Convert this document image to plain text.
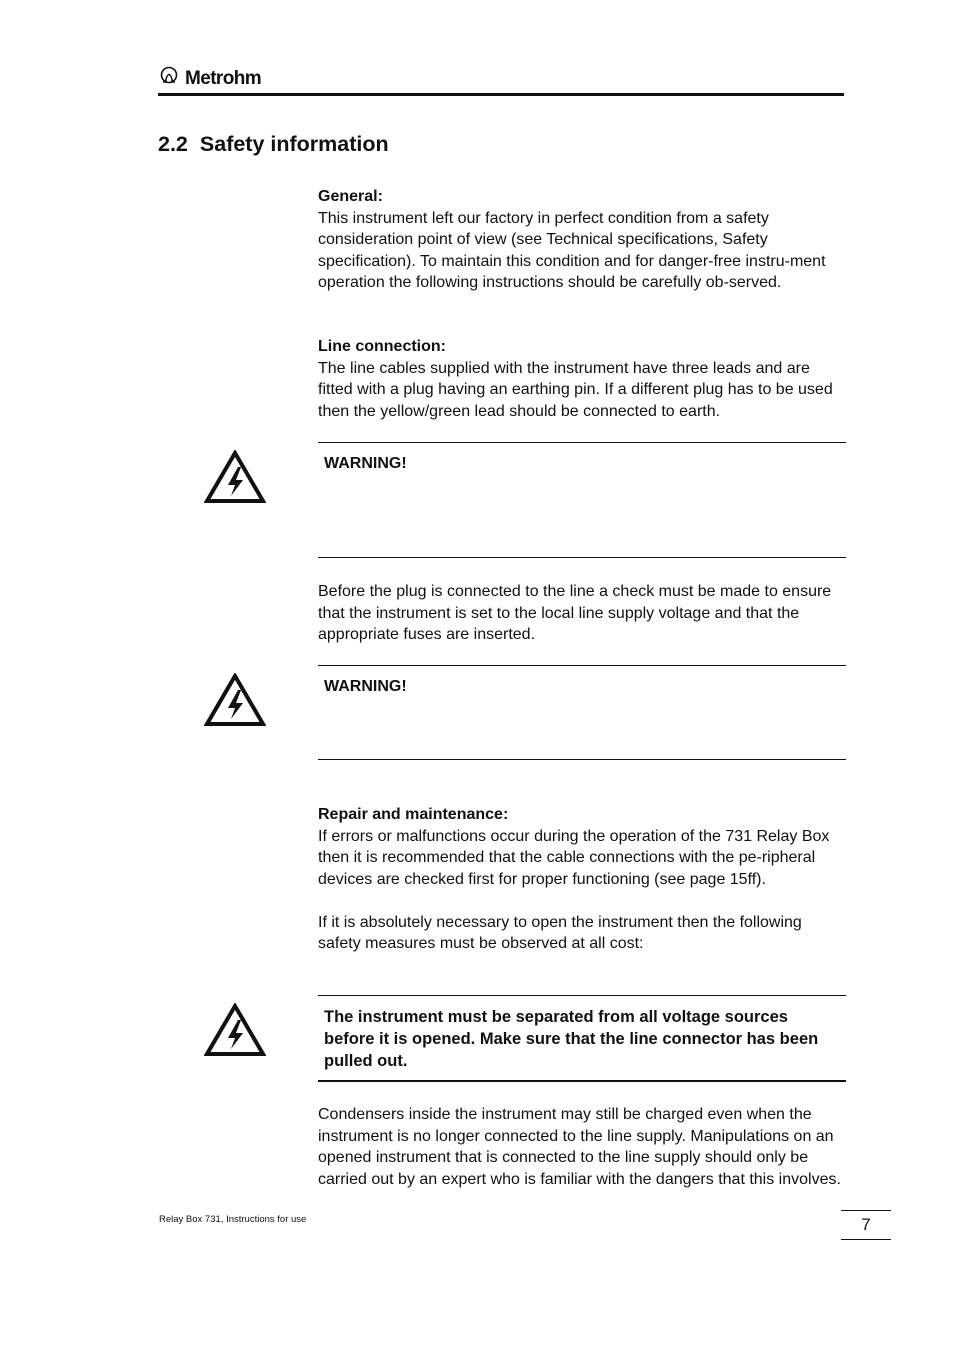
Metrohm
2.2 Safety information
General:

This instrument left our factory in perfect condition from a safety consideration point of view (see Technical specifications, Safety specification). To maintain this condition and for danger-free instru-ment operation the following instructions should be carefully ob-served.

Line connection:

The line cables supplied with the instrument have three leads and are fitted with a plug having an earthing pin. If a different plug has to be used then the yellow/green lead should be connected to earth.

WARNING!

Before the plug is connected to the line a check must be made to ensure that the instrument is set to the local line supply voltage and that the appropriate fuses are inserted.

WARNING!
Repair and maintenance:

If errors or malfunctions occur during the operation of the 731 Relay Box then it is recommended that the cable connections with the pe-ripheral devices are checked first for proper functioning (see page 15ff).

If it is absolutely necessary to open the instrument then the following safety measures must be observed at all cost:

The instrument must be separated from all voltage sources before it is opened. Make sure that the line connector has been pulled out.

Condensers inside the instrument may still be charged even when the instrument is no longer connected to the line supply. Manipulations on an opened instrument that is connected to the line supply should only be carried out by an expert who is familiar with the dangers that this involves.

Relay Box 731, Instructions for use	7
